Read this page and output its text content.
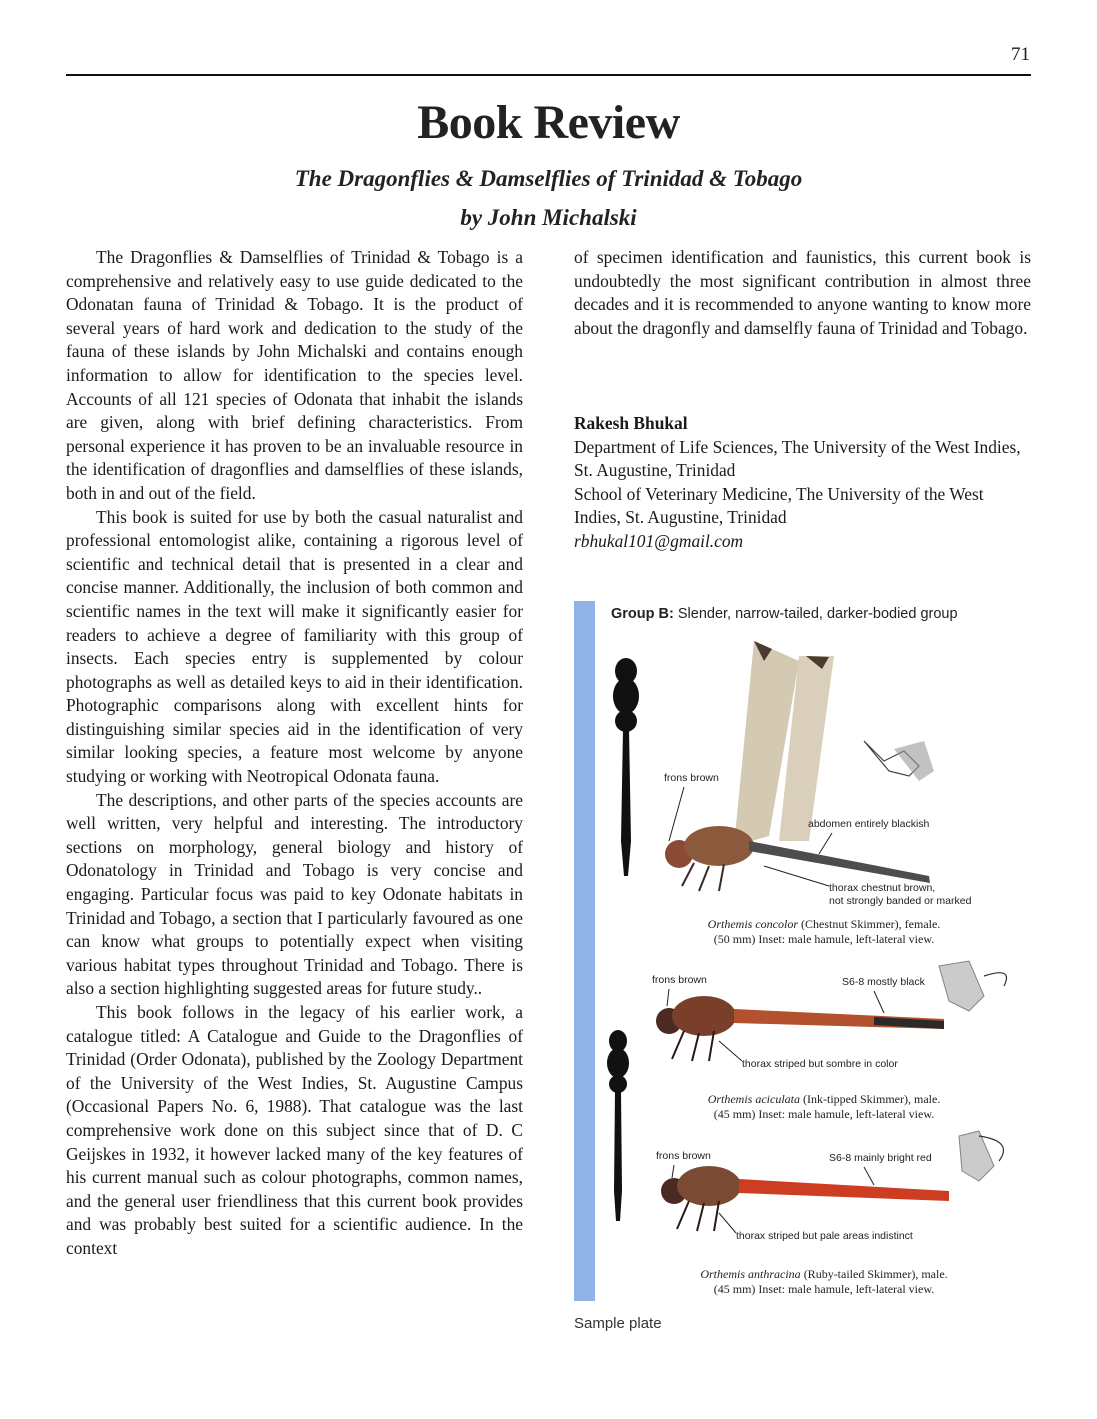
71
Book Review
The Dragonflies & Damselflies of Trinidad & Tobago
by John Michalski

The Dragonflies & Damselflies of Trinidad & Tobago is a comprehensive and relatively easy to use guide dedicated to the Odonatan fauna of Trinidad & Tobago. It is the product of several years of hard work and dedication to the study of the fauna of these islands by John Michalski and contains enough information to allow for identification to the species level. Accounts of all 121 species of Odonata that inhabit the islands are given, along with brief defining characteristics. From personal experience it has proven to be an invaluable resource in the identification of dragonflies and damselflies of these islands, both in and out of the field.

This book is suited for use by both the casual naturalist and professional entomologist alike, containing a rigorous level of scientific and technical detail that is presented in a clear and concise manner. Additionally, the inclusion of both common and scientific names in the text will make it significantly easier for readers to achieve a degree of familiarity with this group of insects. Each species entry is supplemented by colour photographs as well as detailed keys to aid in their identification. Photographic comparisons along with excellent hints for distinguishing similar species aid in the identification of very similar looking species, a feature most welcome by anyone studying or working with Neotropical Odonata fauna.

The descriptions, and other parts of the species accounts are well written, very helpful and interesting. The introductory sections on morphology, general biology and history of Odonatology in Trinidad and Tobago is very concise and engaging. Particular focus was paid to key Odonate habitats in Trinidad and Tobago, a section that I particularly favoured as one can know what groups to potentially expect when visiting various habitat types throughout Trinidad and Tobago. There is also a section highlighting suggested areas for future study..

This book follows in the legacy of his earlier work, a catalogue titled: A Catalogue and Guide to the Dragonflies of Trinidad (Order Odonata), published by the Zoology Department of the University of the West Indies, St. Augustine Campus (Occasional Papers No. 6, 1988). That catalogue was the last comprehensive work done on this subject since that of D. C Geijskes in 1932, it however lacked many of the key features of his current manual such as colour photographs, common names, and the general user friendliness that this current book provides and was probably best suited for a scientific audience. In the context

of specimen identification and faunistics, this current book is undoubtedly the most significant contribution in almost three decades and it is recommended to anyone wanting to know more about the dragonfly and damselfly fauna of Trinidad and Tobago.

Rakesh Bhukal
Department of Life Sciences, The University of the West Indies, St. Augustine, Trinidad
School of Veterinary Medicine, The University of the West Indies, St. Augustine, Trinidad
rbhukal101@gmail.com
frons brown
abdomen entirely blackish
thorax chestnut brown,
not strongly banded or marked
frons brown	S6-8 mostly black
thorax striped but sombre in color
frons brown	S6-8 mainly bright red
thorax striped but pale areas indistinct
Group B: Slender, narrow-tailed, darker-bodied group
Orthemis concolor (Chestnut Skimmer), female.
(50 mm) Inset: male hamule, left-lateral view.
Orthemis aciculata (Ink-tipped Skimmer), male.
(45 mm) Inset: male hamule, left-lateral view.
Orthemis anthracina (Ruby-tailed Skimmer), male.
(45 mm) Inset: male hamule, left-lateral view.
Sample plate
